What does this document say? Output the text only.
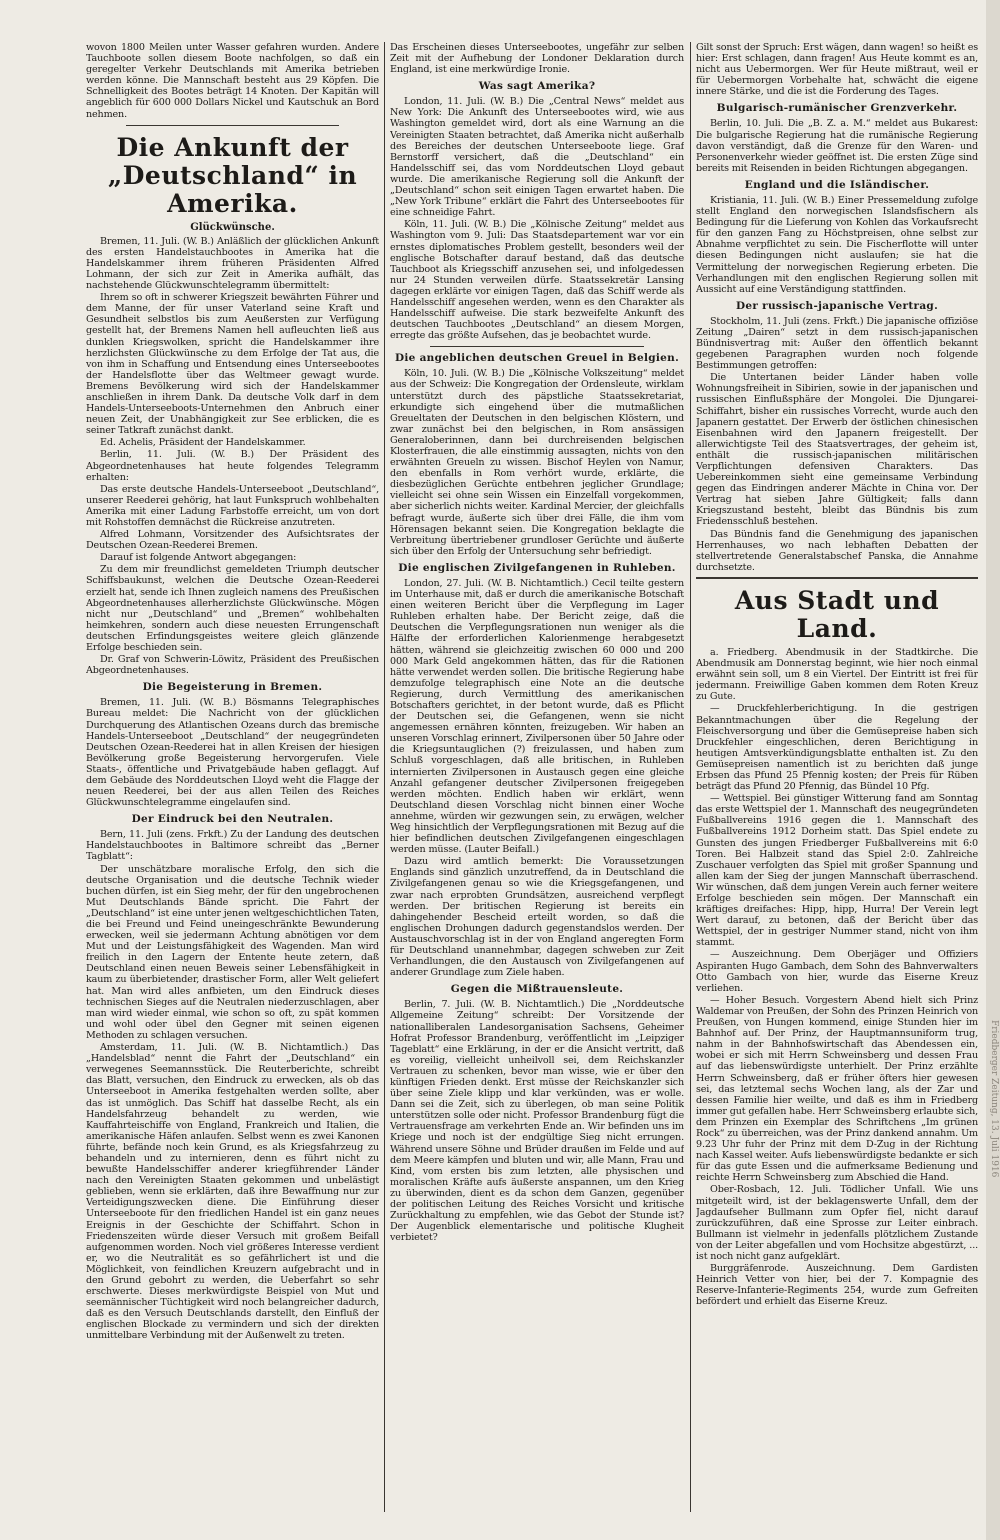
Friedberger Zeitung, 13. Juli 1916

wovon 1800 Meilen unter Wasser gefahren wurden. Andere Tauchboote sollen diesem Boote nachfolgen, so daß ein geregelter Verkehr Deutschlands mit Amerika betrieben werden könne. Die Mannschaft besteht aus 29 Köpfen. Die Schnelligkeit des Bootes beträgt 14 Knoten. Der Kapitän will angeblich für 600 000 Dollars Nickel und Kautschuk an Bord nehmen.

Die Ankunft der „Deutschland“ in Amerika.
Glückwünsche.

Bremen, 11. Juli. (W. B.) Anläßlich der glücklichen Ankunft des ersten Handelstauchbootes in Amerika hat die Handelskammer ihrem früheren Präsidenten Alfred Lohmann, der sich zur Zeit in Amerika aufhält, das nachstehende Glückwunschtelegramm übermittelt:

Ihrem so oft in schwerer Kriegszeit bewährten Führer und dem Manne, der für unser Vaterland seine Kraft und Gesundheit selbstlos bis zum Aeußersten zur Verfügung gestellt hat, der Bremens Namen hell aufleuchten ließ aus dunklen Kriegswolken, spricht die Handelskammer ihre herzlichsten Glückwünsche zu dem Erfolge der Tat aus, die von ihm in Schaffung und Entsendung eines Unterseebootes der Handelsflotte über das Weltmeer gewagt wurde. Bremens Bevölkerung wird sich der Handelskammer anschließen in ihrem Dank. Da deutsche Volk darf in dem Handels-Unterseeboots-Unternehmen den Anbruch einer neuen Zeit, der Unabhängigkeit zur See erblicken, die es seiner Tatkraft zunächst dankt.

Ed. Achelis, Präsident der Handelskammer.

Berlin, 11. Juli. (W. B.) Der Präsident des Abgeordnetenhauses hat heute folgendes Telegramm erhalten:

Das erste deutsche Handels-Unterseeboot „Deutschland“, unserer Reederei gehörig, hat laut Funkspruch wohlbehalten Amerika mit einer Ladung Farbstoffe erreicht, um von dort mit Rohstoffen demnächst die Rückreise anzutreten.

Alfred Lohmann, Vorsitzender des Aufsichtsrates der Deutschen Ozean-Reederei Bremen.

Darauf ist folgende Antwort abgegangen:

Zu dem mir freundlichst gemeldeten Triumph deutscher Schiffsbaukunst, welchen die Deutsche Ozean-Reederei erzielt hat, sende ich Ihnen zugleich namens des Preußischen Abgeordnetenhauses allerherzlichste Glückwünsche. Mögen nicht nur „Deutschland“ und „Bremen“ wohlbehalten heimkehren, sondern auch diese neuesten Errungenschaft deutschen Erfindungsgeistes weitere gleich glänzende Erfolge beschieden sein.

Dr. Graf von Schwerin-Löwitz, Präsident des Preußischen Abgeordnetenhauses.

Die Begeisterung in Bremen.

Bremen, 11. Juli. (W. B.) Bösmanns Telegraphisches Bureau meldet: Die Nachricht von der glücklichen Durchquerung des Atlantischen Ozeans durch das bremische Handels-Unterseeboot „Deutschland“ der neugegründeten Deutschen Ozean-Reederei hat in allen Kreisen der hiesigen Bevölkerung große Begeisterung hervorgerufen. Viele Staats-, öffentliche und Privatgebäude haben geflaggt. Auf dem Gebäude des Norddeutschen Lloyd weht die Flagge der neuen Reederei, bei der aus allen Teilen des Reiches Glückwunschtelegramme eingelaufen sind.

Der Eindruck bei den Neutralen.

Bern, 11. Juli (zens. Frkft.) Zu der Landung des deutschen Handelstauchbootes in Baltimore schreibt das „Berner Tagblatt“:

Der unschätzbare moralische Erfolg, den sich die deutsche Organisation und die deutsche Technik wieder buchen dürfen, ist ein Sieg mehr, der für den ungebrochenen Mut Deutschlands Bände spricht. Die Fahrt der „Deutschland“ ist eine unter jenen weltgeschichtlichen Taten, die bei Freund und Feind uneingeschränkte Bewunderung erwecken, weil sie jedermann Achtung abnötigen vor dem Mut und der Leistungsfähigkeit des Wagenden. Man wird freilich in den Lagern der Entente heute zetern, daß Deutschland einen neuen Beweis seiner Lebensfähigkeit in kaum zu überbietender, drastischer Form, aller Welt geliefert hat. Man wird alles anfbieten, um den Eindruck dieses technischen Sieges auf die Neutralen niederzuschlagen, aber man wird wieder einmal, wie schon so oft, zu spät kommen und wohl oder übel den Gegner mit seinen eigenen Methoden zu schlagen versuchen.

Amsterdam, 11. Juli. (W. B. Nichtamtlich.) Das „Handelsblad“ nennt die Fahrt der „Deutschland“ ein verwegenes Seemannsstück. Die Reuterberichte, schreibt das Blatt, versuchen, den Eindruck zu erwecken, als ob das Unterseeboot in Amerika festgehalten werden sollte, aber das ist unmöglich. Das Schiff hat dasselbe Recht, als ein Handelsfahrzeug behandelt zu werden, wie Kauffahrteischiffe von England, Frankreich und Italien, die amerikanische Häfen anlaufen. Selbst wenn es zwei Kanonen führte, befände noch kein Grund, es als Kriegsfahrzeug zu behandeln und zu internieren, denn es führt nicht zu bewußte Handelsschiffer anderer kriegführender Länder nach den Vereinigten Staaten gekommen und unbelästigt geblieben, wenn sie erklärten, daß ihre Bewaffnung nur zur Verteidigungszwecken diene. Die Einführung dieser Unterseeboote für den friedlichen Handel ist ein ganz neues Ereignis in der Geschichte der Schiffahrt. Schon in Friedenszeiten würde dieser Versuch mit großem Beifall aufgenommen worden. Noch viel größeres Interesse verdient er, wo die Neutralität es so gefährlichert ist und die Möglichkeit, von feindlichen Kreuzern aufgebracht und in den Grund gebohrt zu werden, die Ueberfahrt so sehr erschwerte. Dieses merkwürdigste Beispiel von Mut und seemännischer Tüchtigkeit wird noch belangreicher dadurch, daß es den Versuch Deutschlands darstellt, den Einfluß der englischen Blockade zu vermindern und sich der direkten unmittelbare Verbindung mit der Außenwelt zu treten.

Das Erscheinen dieses Unterseebootes, ungefähr zur selben Zeit mit der Aufhebung der Londoner Deklaration durch England, ist eine merkwürdige Ironie.

Was sagt Amerika?

London, 11. Juli. (W. B.) Die „Central News“ meldet aus New York: Die Ankunft des Unterseebootes wird, wie aus Washington gemeldet wird, dort als eine Warnung an die Vereinigten Staaten betrachtet, daß Amerika nicht außerhalb des Bereiches der deutschen Unterseeboote liege. Graf Bernstorff versichert, daß die „Deutschland“ ein Handelsschiff sei, das vom Norddeutschen Lloyd gebaut wurde. Die amerikanische Regierung soll die Ankunft der „Deutschland“ schon seit einigen Tagen erwartet haben. Die „New York Tribune“ erklärt die Fahrt des Unterseebootes für eine schneidige Fahrt.

Köln, 11. Juli. (W. B.) Die „Kölnische Zeitung“ meldet aus Washington vom 9. Juli: Das Staatsdepartement war vor ein ernstes diplomatisches Problem gestellt, besonders weil der englische Botschafter darauf bestand, daß das deutsche Tauchboot als Kriegsschiff anzusehen sei, und infolgedessen nur 24 Stunden verweilen dürfe. Staatssekretär Lansing dagegen erklärte vor einigen Tagen, daß das Schiff werde als Handelsschiff angesehen werden, wenn es den Charakter als Handelsschiff aufweise. Die stark bezweifelte Ankunft des deutschen Tauchbootes „Deutschland“ an diesem Morgen, erregte das größte Aufsehen, das je beobachtet wurde.

Die angeblichen deutschen Greuel in Belgien.

Köln, 10. Juli. (W. B.) Die „Kölnische Volkszeitung“ meldet aus der Schweiz: Die Kongregation der Ordensleute, wirklam unterstützt durch des päpstliche Staatssekretariat, erkundigte sich eingehend über die mutmaßlichen Greueltaten der Deutschen in den belgischen Klöstern, und zwar zunächst bei den belgischen, in Rom ansässigen Generaloberinnen, dann bei durchreisenden belgischen Klosterfrauen, die alle einstimmig aussagten, nichts von den erwähnten Greueln zu wissen. Bischof Heylen von Namur, den ebenfalls in Rom verhört wurde, erklärte, die diesbezüglichen Gerüchte entbehren jeglicher Grundlage; vielleicht sei ohne sein Wissen ein Einzelfall vorgekommen, aber sicherlich nichts weiter. Kardinal Mercier, der gleichfalls befragt wurde, äußerte sich über drei Fälle, die ihm vom Hörensagen bekannt seien. Die Kongregation beklagte die Verbreitung übertriebener grundloser Gerüchte und äußerte sich über den Erfolg der Untersuchung sehr befriedigt.

Die englischen Zivilgefangenen in Ruhleben.

London, 27. Juli. (W. B. Nichtamtlich.) Cecil teilte gestern im Unterhause mit, daß er durch die amerikanische Botschaft einen weiteren Bericht über die Verpflegung im Lager Ruhleben erhalten habe. Der Bericht zeige, daß die Deutschen die Verpflegungsrationen nun weniger als die Hälfte der erforderlichen Kalorienmenge herabgesetzt hätten, während sie gleichzeitig zwischen 60 000 und 200 000 Mark Geld angekommen hätten, das für die Rationen hätte verwendet werden sollen. Die britische Regierung habe demzufolge telegraphisch eine Note an die deutsche Regierung, durch Vermittlung des amerikanischen Botschafters gerichtet, in der betont wurde, daß es Pflicht der Deutschen sei, die Gefangenen, wenn sie nicht angemessen ernähren könnten, freizugeben. Wir haben an unseren Vorschlag erinnert, Zivilpersonen über 50 Jahre oder die Kriegsuntauglichen (?) freizulassen, und haben zum Schluß vorgeschlagen, daß alle britischen, in Ruhleben internierten Zivilpersonen in Austausch gegen eine gleiche Anzahl gefangener deutscher Zivilpersonen freigegeben werden möchten. Endlich haben wir erklärt, wenn Deutschland diesen Vorschlag nicht binnen einer Woche annehme, würden wir gezwungen sein, zu erwägen, welcher Weg hinsichtlich der Verpflegungsrationen mit Bezug auf die hier befindlichen deutschen Zivilgefangenen eingeschlagen werden müsse. (Lauter Beifall.)

Dazu wird amtlich bemerkt: Die Voraussetzungen Englands sind gänzlich unzutreffend, da in Deutschland die Zivilgefangenen genau so wie die Kriegsgefangenen, und zwar nach erprobten Grundsätzen, ausreichend verpflegt werden. Der britischen Regierung ist bereits ein dahingehender Bescheid erteilt worden, so daß die englischen Drohungen dadurch gegenstandslos werden. Der Austauschvorschlag ist in der von England angeregten Form für Deutschland unannehmbar, dagegen schweben zur Zeit Verhandlungen, die den Austausch von Zivilgefangenen auf anderer Grundlage zum Ziele haben.

Gegen die Mißtrauensleute.

Berlin, 7. Juli. (W. B. Nichtamtlich.) Die „Norddeutsche Allgemeine Zeitung“ schreibt: Der Vorsitzende der nationalliberalen Landesorganisation Sachsens, Geheimer Hofrat Professor Brandenburg, veröffentlicht im „Leipziger Tageblatt“ eine Erklärung, in der er die Ansicht vertritt, daß es voreilig, vielleicht unheilvoll sei, dem Reichskanzler Vertrauen zu schenken, bevor man wisse, wie er über den künftigen Frieden denkt. Erst müsse der Reichskanzler sich über seine Ziele klipp und klar verkünden, was er wolle. Dann sei die Zeit, sich zu überlegen, ob man seine Politik unterstützen solle oder nicht. Professor Brandenburg fügt die Vertrauensfrage am verkehrten Ende an. Wir befinden uns im Kriege und noch ist der endgültige Sieg nicht errungen. Während unsere Söhne und Brüder draußen im Felde und auf dem Meere kämpfen und bluten und wir, alle Mann, Frau und Kind, vom ersten bis zum letzten, alle physischen und moralischen Kräfte aufs äußerste anspannen, um den Krieg zu überwinden, dient es da schon dem Ganzen, gegenüber der politischen Leitung des Reiches Vorsicht und kritische Zurückhaltung zu empfehlen, wie das Gebot der Stunde ist? Der Augenblick elementarische und politische Klugheit verbietet?

Gilt sonst der Spruch: Erst wägen, dann wagen! so heißt es hier: Erst schlagen, dann fragen! Aus Heute kommt es an, nicht aus Uebermorgen. Wer für Heute mißtraut, weil er für Uebermorgen Vorbehalte hat, schwächt die eigene innere Stärke, und die ist die Forderung des Tages.

Bulgarisch-rumänischer Grenzverkehr.

Berlin, 10. Juli. Die „B. Z. a. M.“ meldet aus Bukarest: Die bulgarische Regierung hat die rumänische Regierung davon verständigt, daß die Grenze für den Waren- und Personenverkehr wieder geöffnet ist. Die ersten Züge sind bereits mit Reisenden in beiden Richtungen abgegangen.

England und die Isländischer.

Kristiania, 11. Juli. (W. B.) Einer Pressemeldung zufolge stellt England den norwegischen Islandsfischern als Bedingung für die Lieferung von Kohlen das Vorkaufsrecht für den ganzen Fang zu Höchstpreisen, ohne selbst zur Abnahme verpflichtet zu sein. Die Fischerflotte will unter diesen Bedingungen nicht auslaufen; sie hat die Vermittelung der norwegischen Regierung erbeten. Die Verhandlungen mit den englischen Regierung sollen mit Aussicht auf eine Verständigung stattfinden.

Der russisch-japanische Vertrag.

Stockholm, 11. Juli (zens. Frkft.) Die japanische offiziöse Zeitung „Dairen“ setzt in dem russisch-japanischen Bündnisvertrag mit: Außer den öffentlich bekannt gegebenen Paragraphen wurden noch folgende Bestimmungen getroffen:

Die Untertanen beider Länder haben volle Wohnungsfreiheit in Sibirien, sowie in der japanischen und russischen Einflußsphäre der Mongolei. Die Djungarei-Schiffahrt, bisher ein russisches Vorrecht, wurde auch den Japanern gestattet. Der Erwerb der östlichen chinesischen Eisenbahnen wird den Japanern freigestellt. Der allerwichtigste Teil des Staatsvertrages, der geheim ist, enthält die russisch-japanischen militärischen Verpflichtungen defensiven Charakters. Das Uebereinkommen sieht eine gemeinsame Verbindung gegen das Eindringen anderer Mächte in China vor. Der Vertrag hat sieben Jahre Gültigkeit; falls dann Kriegszustand besteht, bleibt das Bündnis bis zum Friedensschluß bestehen.

Das Bündnis fand die Genehmigung des japanischen Herrenhauses, wo nach lebhaften Debatten der stellvertretende Generalstabschef Panska, die Annahme durchsetzte.

Aus Stadt und Land.

a. Friedberg. Abendmusik in der Stadtkirche. Die Abendmusik am Donnerstag beginnt, wie hier noch einmal erwähnt sein soll, um 8 ein Viertel. Der Eintritt ist frei für jedermann. Freiwillige Gaben kommen dem Roten Kreuz zu Gute.

— Druckfehlerberichtigung. In die gestrigen Bekanntmachungen über die Regelung der Fleischversorgung und über die Gemüsepreise haben sich Druckfehler eingeschlichen, deren Berichtigung in heutigen Amtsverkündigungsblatte enthalten ist. Zu den Gemüsepreisen namentlich ist zu berichten daß junge Erbsen das Pfund 25 Pfennig kosten; der Preis für Rüben beträgt das Pfund 20 Pfennig, das Bündel 10 Pfg.

— Wettspiel. Bei günstiger Witterung fand am Sonntag das erste Wettspiel der 1. Mannschaft des neugegründeten Fußballvereins 1916 gegen die 1. Mannschaft des Fußballvereins 1912 Dorheim statt. Das Spiel endete zu Gunsten des jungen Friedberger Fußballvereins mit 6:0 Toren. Bei Halbzeit stand das Spiel 2:0. Zahlreiche Zuschauer verfolgten das Spiel mit großer Spannung und allen kam der Sieg der jungen Mannschaft überraschend. Wir wünschen, daß dem jungen Verein auch ferner weitere Erfolge beschieden sein mögen. Der Mannschaft ein kräftiges dreifaches: Hipp, hipp, Hurra! Der Verein legt Wert darauf, zu betonen, daß der Bericht über das Wettspiel, der in gestriger Nummer stand, nicht von ihm stammt.

— Auszeichnung. Dem Oberjäger und Offiziers Aspiranten Hugo Gambach, dem Sohn des Bahnverwalters Otto Gambach von hier, wurde das Eiserne Kreuz verliehen.

— Hoher Besuch. Vorgestern Abend hielt sich Prinz Waldemar von Preußen, der Sohn des Prinzen Heinrich von Preußen, von Hungen kommend, einige Stunden hier im Bahnhof auf. Der Prinz, der Hauptmannsuniform trug, nahm in der Bahnhofswirtschaft das Abendessen ein, wobei er sich mit Herrn Schweinsberg und dessen Frau auf das liebenswürdigste unterhielt. Der Prinz erzählte Herrn Schweinsberg, daß er früher öfters hier gewesen sei, das letztemal sechs Wochen lang, als der Zar und dessen Familie hier weilte, und daß es ihm in Friedberg immer gut gefallen habe. Herr Schweinsberg erlaubte sich, dem Prinzen ein Exemplar des Schriftchens „Im grünen Rock“ zu überreichen, was der Prinz dankend annahm. Um 9.23 Uhr fuhr der Prinz mit dem D-Zug in der Richtung nach Kassel weiter. Aufs liebenswürdigste bedankte er sich für das gute Essen und die aufmerksame Bedienung und reichte Herrn Schweinsberg zum Abschied die Hand.

Ober-Rosbach, 12. Juli. Tödlicher Unfall. Wie uns mitgeteilt wird, ist der beklagenswerte Unfall, dem der Jagdaufseher Bullmann zum Opfer fiel, nicht darauf zurückzuführen, daß eine Sprosse zur Leiter einbrach. Bullmann ist vielmehr in jedenfalls plötzlichem Zustande von der Leiter abgefallen und vom Hochsitze abgestürzt, ... ist noch nicht ganz aufgeklärt.

Burggräfenrode. Auszeichnung. Dem Gardisten Heinrich Vetter von hier, bei der 7. Kompagnie des Reserve-Infanterie-Regiments 254, wurde zum Gefreiten befördert und erhielt das Eiserne Kreuz.
